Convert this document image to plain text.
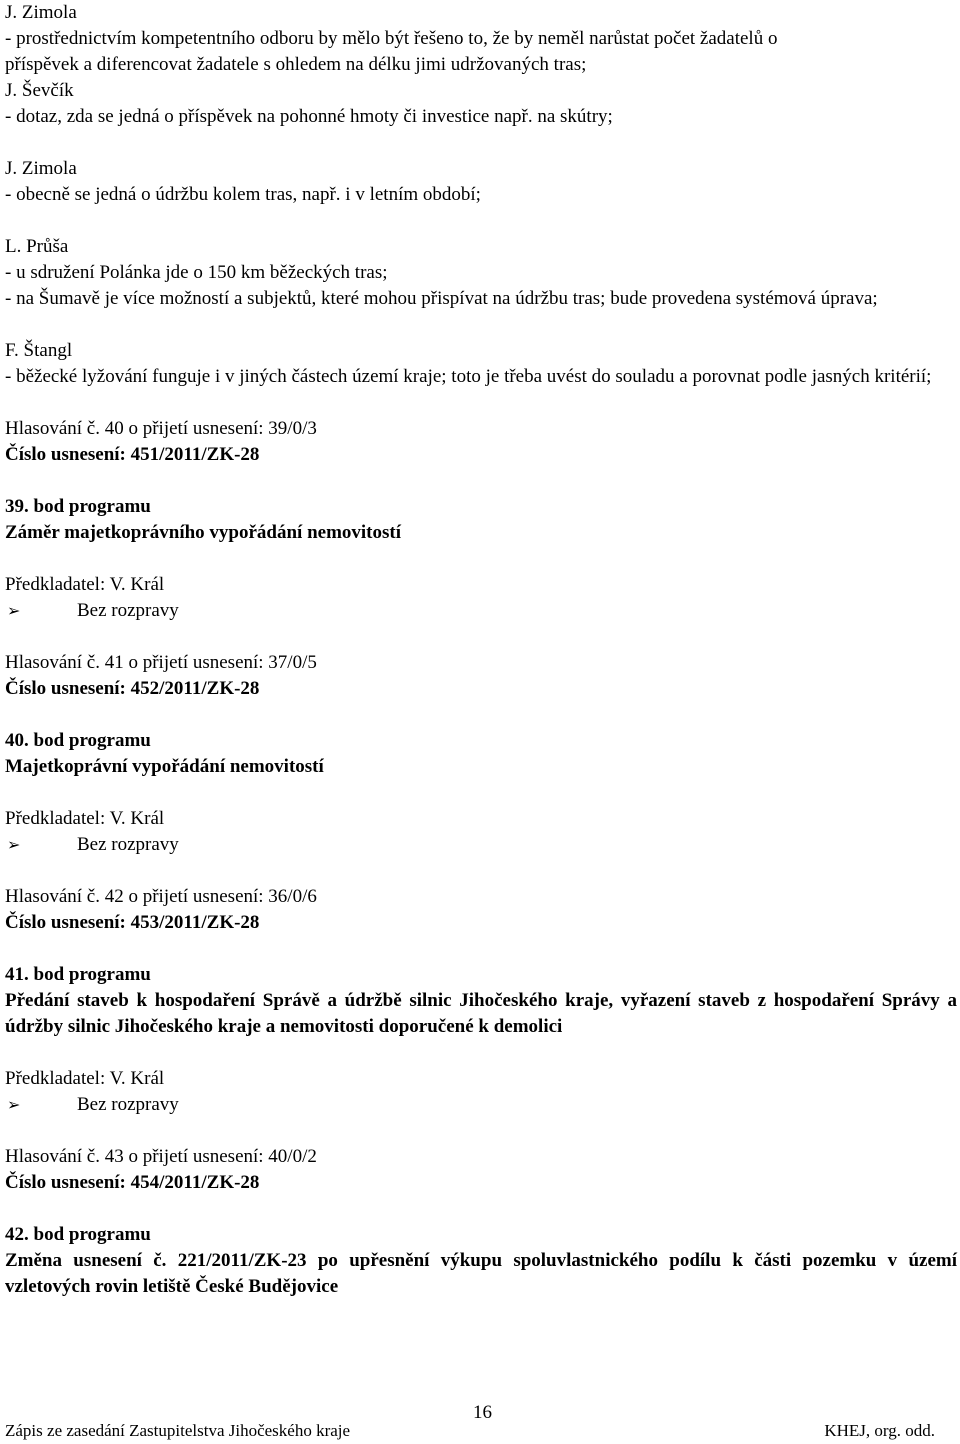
J. Zimola
- prostřednictvím kompetentního odboru by mělo být řešeno to, že by neměl narůstat počet žadatelů o
příspěvek a diferencovat žadatele s ohledem na délku jimi udržovaných tras;
J. Ševčík
- dotaz, zda se jedná o příspěvek na pohonné hmoty či investice např. na skútry;
J. Zimola
- obecně se jedná o údržbu kolem tras, např. i v letním období;
L. Průša
- u sdružení Polánka jde o 150 km běžeckých tras;
- na Šumavě je více možností a subjektů, které mohou přispívat na údržbu tras; bude provedena systémová úprava;
F. Štangl
- běžecké lyžování funguje i v jiných částech území kraje; toto je třeba uvést do souladu a porovnat podle jasných kritérií;
Hlasování č. 40 o přijetí usnesení: 39/0/3
Číslo usnesení: 451/2011/ZK-28
39. bod programu
Záměr majetkoprávního vypořádání nemovitostí
Předkladatel: V. Král
➢	Bez rozpravy
Hlasování č. 41 o přijetí usnesení: 37/0/5
Číslo usnesení: 452/2011/ZK-28
40. bod programu
Majetkoprávní vypořádání nemovitostí
Předkladatel: V. Král
➢	Bez rozpravy
Hlasování č. 42 o přijetí usnesení: 36/0/6
Číslo usnesení: 453/2011/ZK-28
41. bod programu
Předání staveb k hospodaření Správě a údržbě silnic Jihočeského kraje, vyřazení staveb z hospodaření Správy a údržby silnic Jihočeského kraje a nemovitosti doporučené k demolici
Předkladatel: V. Král
➢	Bez rozpravy
Hlasování č. 43 o přijetí usnesení: 40/0/2
Číslo usnesení: 454/2011/ZK-28
42. bod programu
Změna usnesení č. 221/2011/ZK-23 po upřesnění výkupu spoluvlastnického podílu k části pozemku v území vzletových rovin letiště České Budějovice
16
Zápis ze zasedání Zastupitelstva Jihočeského kraje	KHEJ, org. odd.
